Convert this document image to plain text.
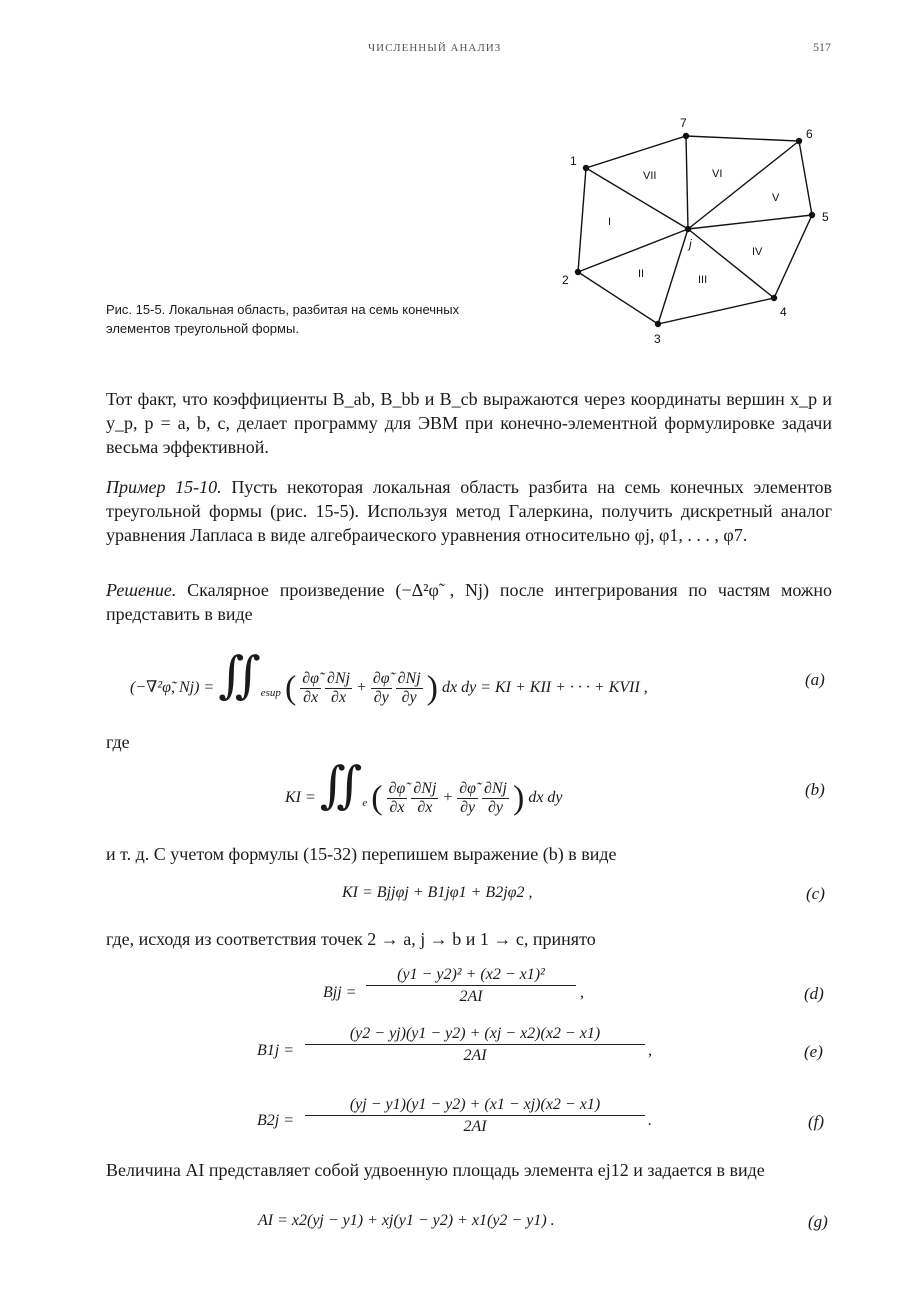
ЧИСЛЕННЫЙ АНАЛИЗ	517
1
2
3
4
5
6
7
j
I
II	III
IV
V
VI
VII
Рис. 15-5. Локальная область, разбитая на семь конечных элементов треугольной формы.
Тот факт, что коэффициенты B_ab, B_bb и B_cb выражаются через координаты вершин x_p и y_p, p = a, b, c, делает программу для ЭВМ при конечно-элементной формулировке задачи весьма эффективной.
Пример 15-10. Пусть некоторая локальная область разбита на семь конечных элементов треугольной формы (рис. 15-5). Используя метод Галеркина, получить дискретный аналог уравнения Лапласа в виде алгебраического уравнения относительно φj, φ1, . . . , φ7.
Решение. Скалярное произведение (−Δ²φ̃ , Nj) после интегрирования по частям можно представить в виде
(−∇²φ̃, $Nj) = ∬_{esup}$ ( $\frac{\partial\varphĩ}{\partial x}$
$\frac{\partial Nj}{\partial x} + \frac{\partial\varphĩ}{\partial y}$
$\frac{\partial Nj}{\partial y}$ ) dx dy = KI + KII + · · · + KVII ,	(a)
где
KI = $∬_e$ ( $\frac{\partial\varphĩ}{\partial x}$
$\frac{\partial Nj}{\partial x} + \frac{\partial\varphĩ}{\partial y}$
$\frac{\partial Nj}{\partial y}$ ) dx dy	(b)
и т. д. С учетом формулы (15-32) перепишем выражение (b) в виде
KI = Bjjφj + B1jφ1 + B2jφ2 ,	(c)
где, исходя из соответствия точек 2 → a, j → b и 1 → c, принято
Bjj = $\frac{\text{(y1 − y2)² + (x2 − x1)²}}{2AI}$ ,	(d)
$B1j = \frac{(y2 - yj)(y1 - y2) + (xj - x2)(x2 - x1)}{2AI}$ ,	(e)
$B2j = \frac{(yj - y1)(y1 - y2) + (x1 - xj)(x2 - x1)}{2AI}$ .	(f)
Величина AI представляет собой удвоенную площадь элемента ej12 и задается в виде
AI = x2(yj − y1) + xj(y1 − y2) + x1(y2 − y1) .	(g)
